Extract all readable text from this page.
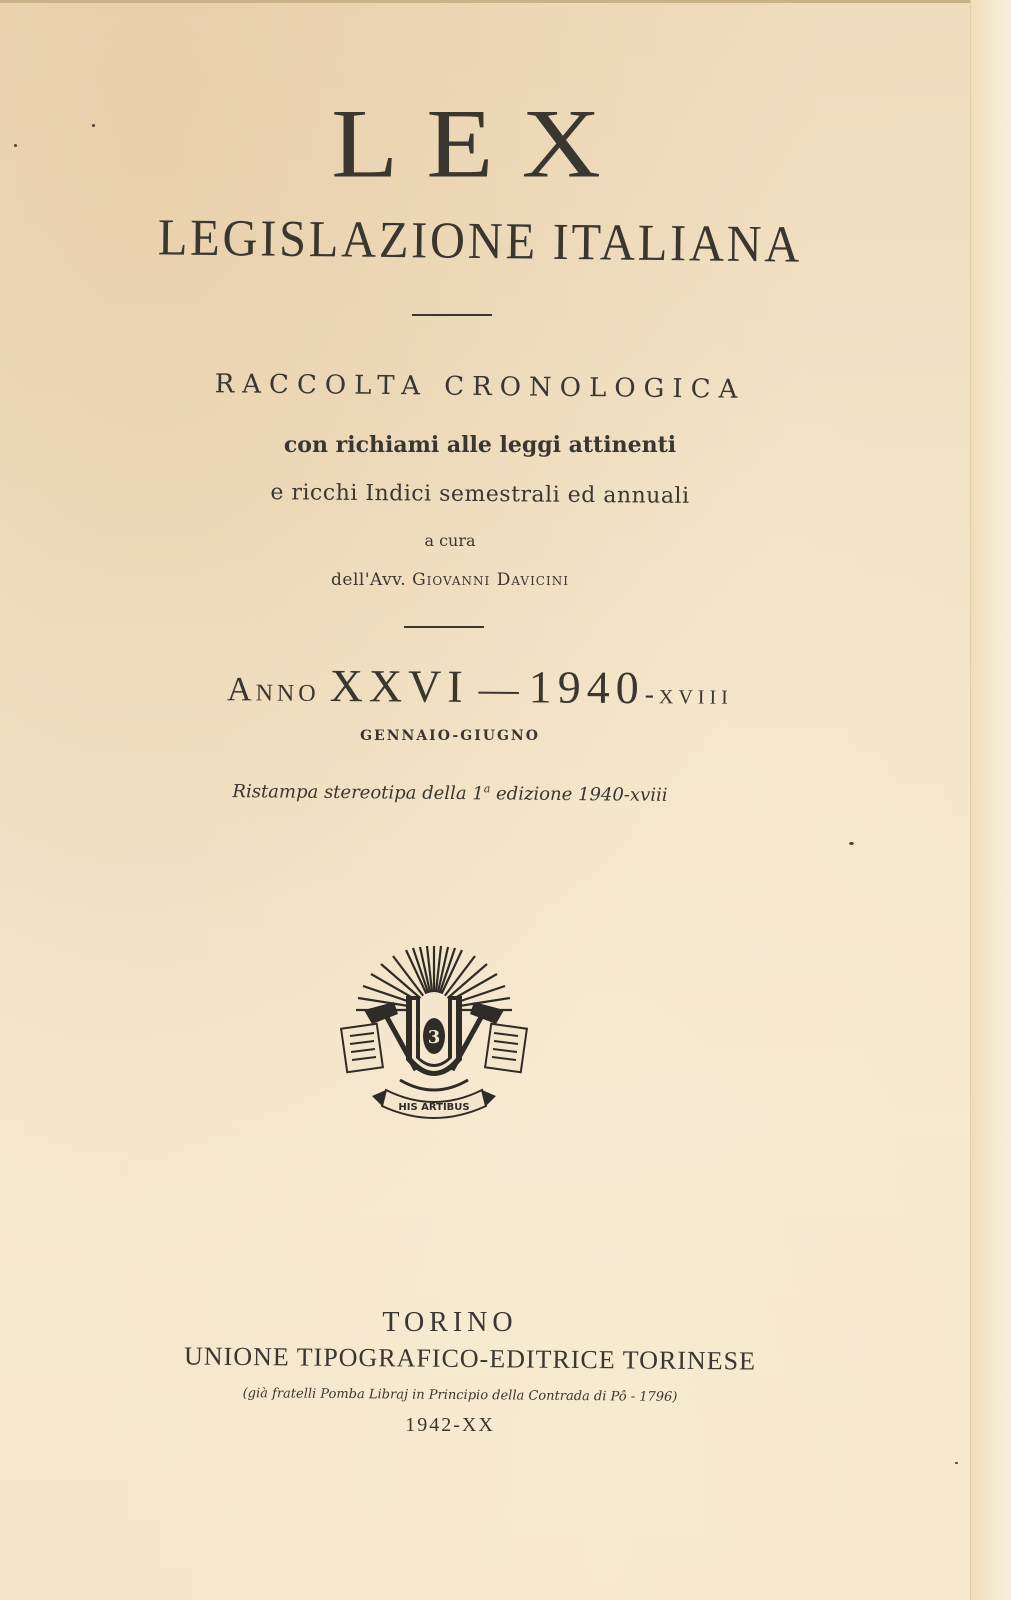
LEX
LEGISLAZIONE ITALIANA
RACCOLTA CRONOLOGICA
con richiami alle leggi attinenti
e ricchi Indici semestrali ed annuali
a cura
dell'Avv. Giovanni Davicini
Anno XXVI — 1940-xviii
GENNAIO-GIUGNO
Ristampa stereotipa della 1$^a$ edizione 1940-xviii
3
HIS ARTIBUS
TORINO
UNIONE TIPOGRAFICO-EDITRICE TORINESE
(già fratelli Pomba Libraj in Principio della Contrada di Pô - 1796)
1942-XX
